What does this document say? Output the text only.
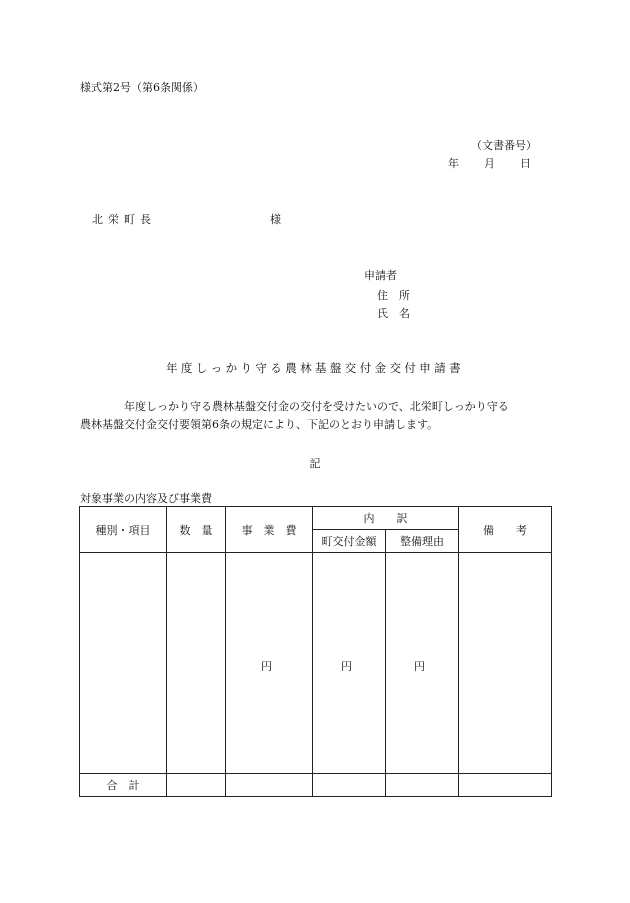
様式第2号（第6条関係）
（文書番号）
年 月 日
北栄町長	様
申請者
住　所
氏　名
年度しっかり守る農林基盤交付金交付申請書
年度しっかり守る農林基盤交付金の交付を受けたいので、北栄町しっかり守る
農林基盤交付金交付要領第6条の規定により、下記のとおり申請します。
記
対象事業の内容及び事業費
種別・項目	数　量	事　業　費	内　　訳		備　　考
			町交付金額	整備理由	

		円	円	円	

合　計					
